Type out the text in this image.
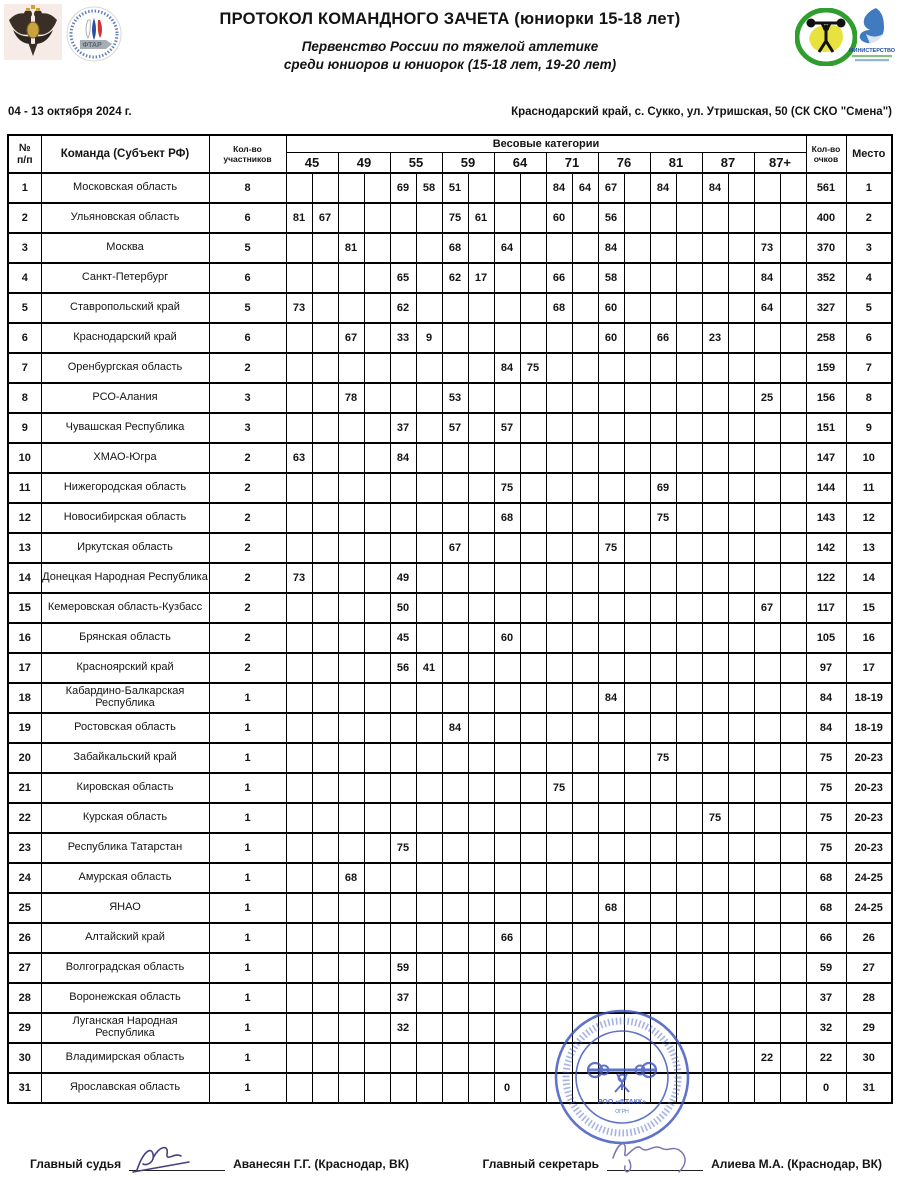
ФТАР
МИНИСТЕРСТВО
ПРОТОКОЛ КОМАНДНОГО ЗАЧЕТА (юниорки 15-18 лет)
Первенство России по тяжелой атлетике
среди юниоров и юниорок (15-18 лет, 19-20 лет)
04 - 13 октября 2024 г.	Краснодарский край, с. Сукко, ул. Утришская, 50 (СК СКО "Смена")
№
п/п	Команда (Субъект РФ)	Кол-во
участников	Весовые категории																				Кол-во
очков	Место
			45		49		55		59		64		71		76		81		87		87+			
1	Московская область	8					69	58	51				84	64	67		84		84				561	1
2	Ульяновская область	6	81	67					75	61			60		56								400	2
3	Москва	5			81				68		64				84						73		370	3
4	Санкт-Петербург	6					65		62	17			66		58						84		352	4
5	Ставропольский край	5	73				62						68		60						64		327	5
6	Краснодарский край	6			67		33	9							60		66		23				258	6
7	Оренбургская область	2									84	75											159	7
8	РСО-Алания	3			78				53												25		156	8
9	Чувашская Республика	3					37		57		57												151	9
10	ХМАО-Югра	2	63				84																147	10
11	Нижегородская область	2									75						69						144	11
12	Новосибирская область	2									68						75						143	12
13	Иркутская область	2							67						75								142	13
14	Донецкая Народная Республика	2	73				49																122	14
15	Кемеровская область-Кузбасс	2					50														67		117	15
16	Брянская область	2					45				60												105	16
17	Красноярский край	2					56	41															97	17
18	Кабардино-Балкарская Республика	1													84								84	18-19
19	Ростовская область	1							84														84	18-19
20	Забайкальский край	1															75						75	20-23
21	Кировская область	1											75										75	20-23
22	Курская область	1																	75				75	20-23
23	Республика Татарстан	1					75																75	20-23
24	Амурская область	1			68																		68	24-25
25	ЯНАО	1													68								68	24-25
26	Алтайский край	1									66												66	26
27	Волгоградская область	1					59																59	27
28	Воронежская область	1					37																37	28
29	Луганская Народная Республика	1					32																32	29
30	Владимирская область	1																			22		22	30
31	Ярославская область	1									0												0	31
РОО «ФТАКК»
ОГРН
Главный судья	Аванесян Г.Г. (Краснодар, ВК)	Главный секретарь	Алиева М.А. (Краснодар, ВК)
